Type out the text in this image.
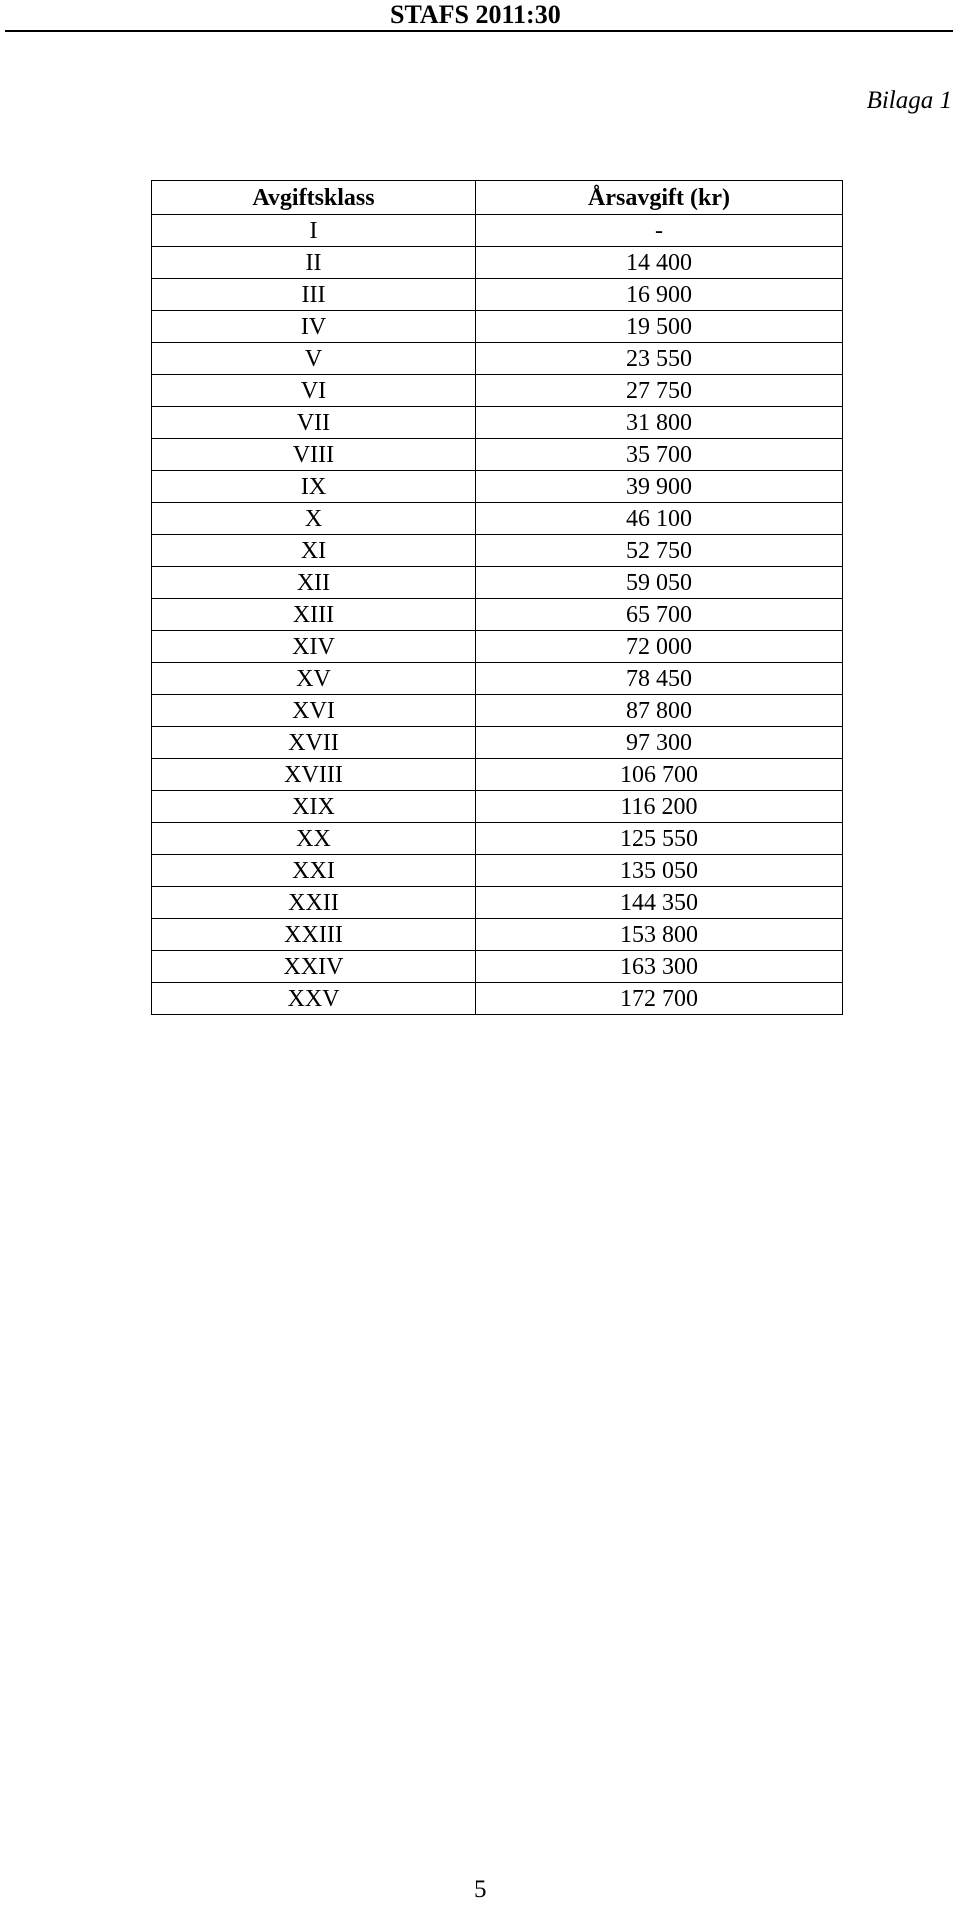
STAFS 2011:30
Bilaga 1
Avgiftsklass	Årsavgift (kr)
I	-
II	14 400
III	16 900
IV	19 500
V	23 550
VI	27 750
VII	31 800
VIII	35 700
IX	39 900
X	46 100
XI	52 750
XII	59 050
XIII	65 700
XIV	72 000
XV	78 450
XVI	87 800
XVII	97 300
XVIII	106 700
XIX	116 200
XX	125 550
XXI	135 050
XXII	144 350
XXIII	153 800
XXIV	163 300
XXV	172 700
5
